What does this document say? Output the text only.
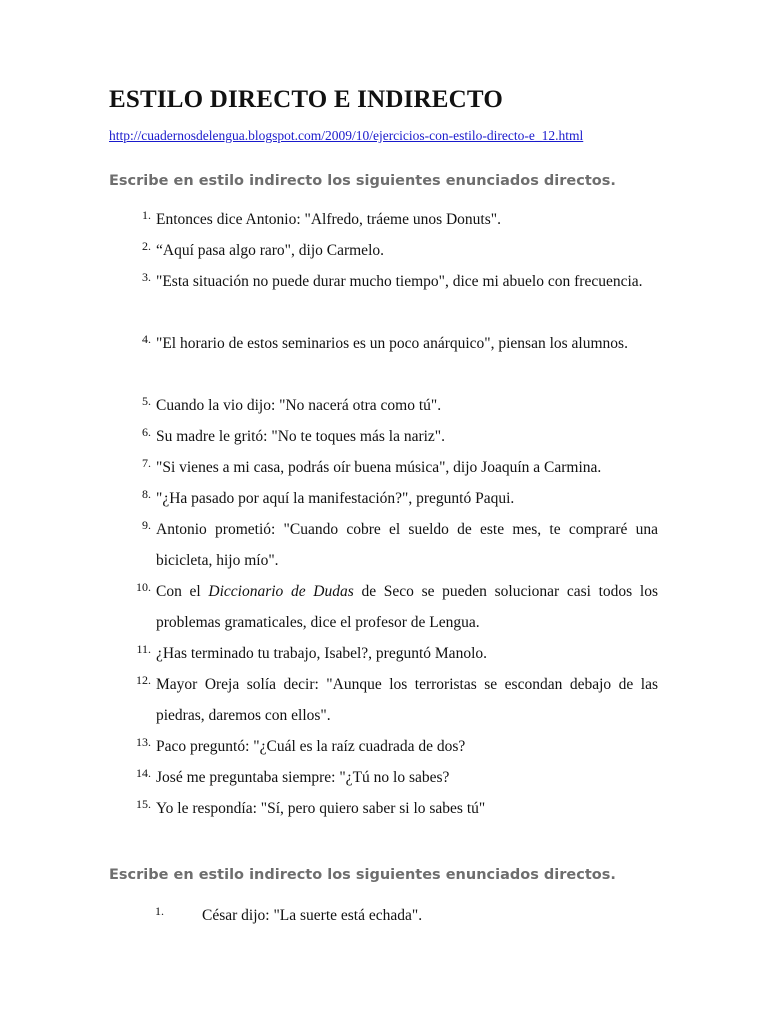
ESTILO DIRECTO E INDIRECTO
http://cuadernosdelengua.blogspot.com/2009/10/ejercicios-con-estilo-directo-e_12.html
Escribe en estilo indirecto los siguientes enunciados directos.
1. Entonces dice Antonio: "Alfredo, tráeme unos Donuts".
2. “Aquí pasa algo raro", dijo Carmelo.
3. "Esta situación no puede durar mucho tiempo", dice mi abuelo con frecuencia.
4. "El horario de estos seminarios es un poco anárquico", piensan los alumnos.
5. Cuando la vio dijo: "No nacerá otra como tú".
6. Su madre le gritó: "No te toques más la nariz".
7. "Si vienes a mi casa, podrás oír buena música", dijo Joaquín a Carmina.
8. "¿Ha pasado por aquí la manifestación?", preguntó Paqui.
9. Antonio prometió: "Cuando cobre el sueldo de este mes, te compraré una bicicleta, hijo mío".
10. Con el Diccionario de Dudas de Seco se pueden solucionar casi todos los problemas gramaticales, dice el profesor de Lengua.
11. ¿Has terminado tu trabajo, Isabel?, preguntó Manolo.
12. Mayor Oreja solía decir: "Aunque los terroristas se escondan debajo de las piedras, daremos con ellos".
13. Paco preguntó: "¿Cuál es la raíz cuadrada de dos?
14. José me preguntaba siempre: "¿Tú no lo sabes?
15. Yo le respondía: "Sí, pero quiero saber si lo sabes tú"
Escribe en estilo indirecto los siguientes enunciados directos.
1. César dijo: "La suerte está echada".
